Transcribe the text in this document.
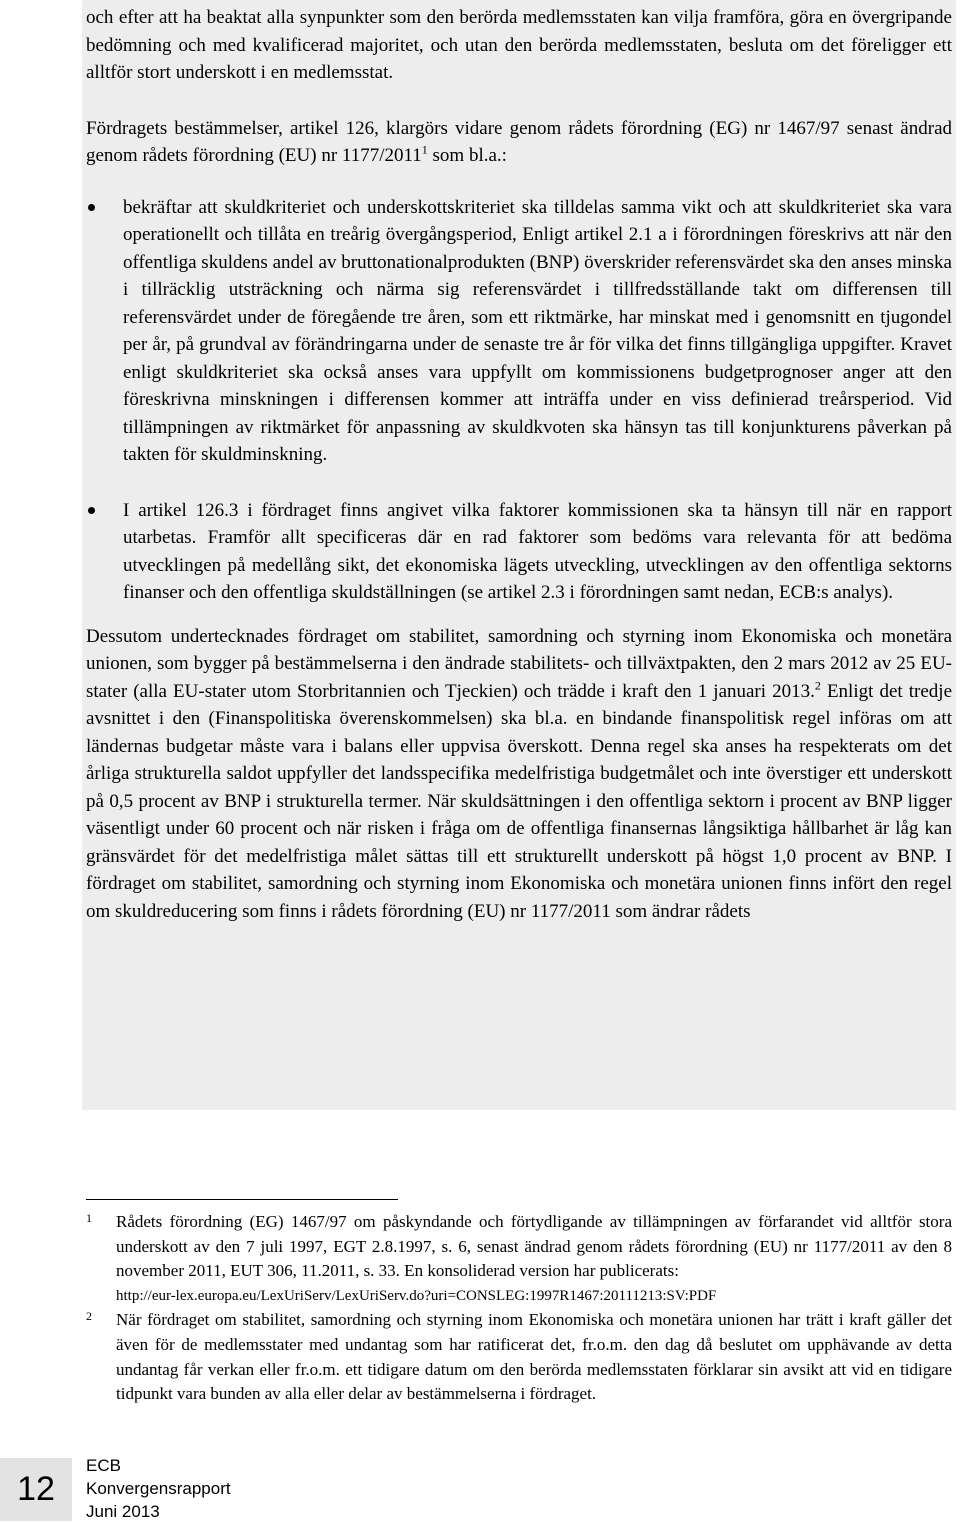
och efter att ha beaktat alla synpunkter som den berörda medlemsstaten kan vilja framföra, göra en övergripande bedömning och med kvalificerad majoritet, och utan den berörda medlemsstaten, besluta om det föreligger ett alltför stort underskott i en medlemsstat.

Fördragets bestämmelser, artikel 126, klargörs vidare genom rådets förordning (EG) nr 1467/97 senast ändrad genom rådets förordning (EU) nr 1177/2011$^1$ som bl.a.:

bekräftar att skuldkriteriet och underskottskriteriet ska tilldelas samma vikt och att skuldkriteriet ska vara operationellt och tillåta en treårig övergångsperiod, Enligt artikel 2.1 a i förordningen föreskrivs att när den offentliga skuldens andel av bruttonationalprodukten (BNP) överskrider referensvärdet ska den anses minska i tillräcklig utsträckning och närma sig referensvärdet i tillfredsställande takt om differensen till referensvärdet under de föregående tre åren, som ett riktmärke, har minskat med i genomsnitt en tjugondel per år, på grundval av förändringarna under de senaste tre år för vilka det finns tillgängliga uppgifter. Kravet enligt skuldkriteriet ska också anses vara uppfyllt om kommissionens budgetprognoser anger att den föreskrivna minskningen i differensen kommer att inträffa under en viss definierad treårsperiod. Vid tillämpningen av riktmärket för anpassning av skuldkvoten ska hänsyn tas till konjunkturens påverkan på takten för skuldminskning.
I artikel 126.3 i fördraget finns angivet vilka faktorer kommissionen ska ta hänsyn till när en rapport utarbetas. Framför allt specificeras där en rad faktorer som bedöms vara relevanta för att bedöma utvecklingen på medellång sikt, det ekonomiska lägets utveckling, utvecklingen av den offentliga sektorns finanser och den offentliga skuldställningen (se artikel 2.3 i förordningen samt nedan, ECB:s analys).

Dessutom undertecknades fördraget om stabilitet, samordning och styrning inom Ekonomiska och monetära unionen, som bygger på bestämmelserna i den ändrade stabilitets- och tillväxtpakten, den 2 mars 2012 av 25 EU-stater (alla EU-stater utom Storbritannien och Tjeckien) och trädde i kraft den 1 januari 2013.$^2$ Enligt det tredje avsnittet i den (Finanspolitiska överenskommelsen) ska bl.a. en bindande finanspolitisk regel införas om att ländernas budgetar måste vara i balans eller uppvisa överskott. Denna regel ska anses ha respekterats om det årliga strukturella saldot uppfyller det landsspecifika medelfristiga budgetmålet och inte överstiger ett underskott på 0,5 procent av BNP i strukturella termer. När skuldsättningen i den offentliga sektorn i procent av BNP ligger väsentligt under 60 procent och när risken i fråga om de offentliga finansernas långsiktiga hållbarhet är låg kan gränsvärdet för det medelfristiga målet sättas till ett strukturellt underskott på högst 1,0 procent av BNP. I fördraget om stabilitet, samordning och styrning inom Ekonomiska och monetära unionen finns infört den regel om skuldreducering som finns i rådets förordning (EU) nr 1177/2011 som ändrar rådets

1 Rådets förordning (EG) 1467/97 om påskyndande och förtydligande av tillämpningen av förfarandet vid alltför stora underskott av den 7 juli 1997, EGT 2.8.1997, s. 6, senast ändrad genom rådets förordning (EU) nr 1177/2011 av den 8 november 2011, EUT 306, 11.2011, s. 33. En konsoliderad version har publicerats:
http://eur-lex.europa.eu/LexUriServ/LexUriServ.do?uri=CONSLEG:1997R1467:20111213:SV:PDF
2 När fördraget om stabilitet, samordning och styrning inom Ekonomiska och monetära unionen har trätt i kraft gäller det även för de medlemsstater med undantag som har ratificerat det, fr.o.m. den dag då beslutet om upphävande av detta undantag får verkan eller fr.o.m. ett tidigare datum om den berörda medlemsstaten förklarar sin avsikt att vid en tidigare tidpunkt vara bunden av alla eller delar av bestämmelserna i fördraget.
12
ECB
Konvergensrapport
Juni 2013
